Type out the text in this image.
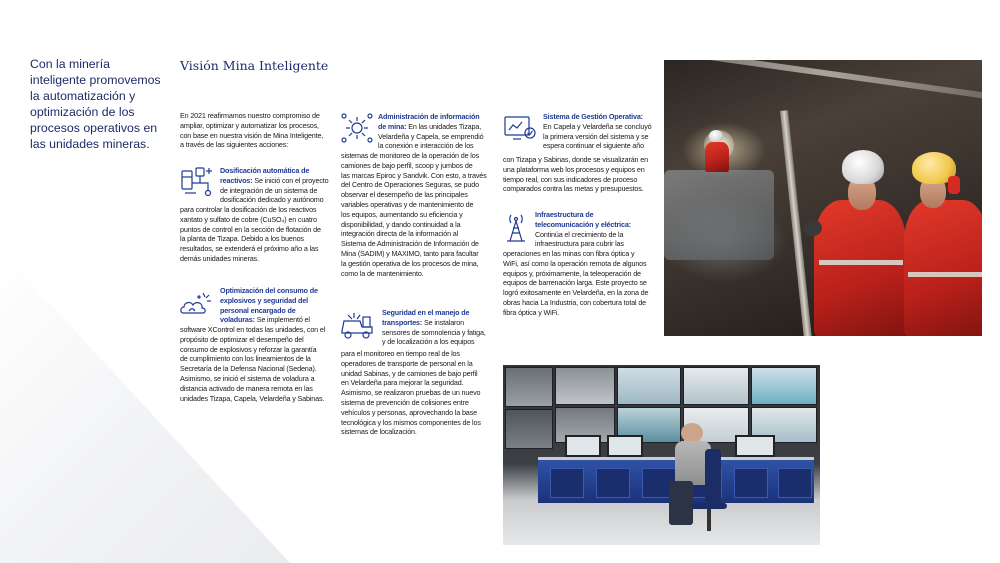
Con la minería
inteligente promovemos
la automatización y
optimización de los
procesos operativos en
las unidades mineras.
Visión Mina Inteligente
En 2021 reafirmamos nuestro compromiso de
ampliar, optimizar y automatizar los procesos,
con base en nuestra visión de Mina Inteligente,
a través de las siguientes acciones:
Dosificación automática de
reactivos: Se inició con el proyecto
de integración de un sistema de
dosificación dedicado y autónomo
para controlar la dosificación de los reactivos
xantato y sulfato de cobre (CuSO₄) en cuatro
puntos de control en la sección de flotación de
la planta de Tizapa. Debido a los buenos
resultados, se extenderá el próximo año a las
demás unidades mineras.
Optimización del consumo de
explosivos y seguridad del
personal encargado de
voladuras: Se implementó el
software XControl en todas las unidades, con el
propósito de optimizar el desempeño del
consumo de explosivos y reforzar la garantía
de cumplimiento con los lineamientos de la
Secretaría de la Defensa Nacional (Sedena).
Asimismo, se inició el sistema de voladura a
distancia activado de manera remota en las
unidades Tizapa, Capela, Velardeña y Sabinas.
Administración de información
de mina: En las unidades Tizapa,
Velardeña y Capela, se emprendió
la conexión e interacción de los
sistemas de monitoreo de la operación de los
camiones de bajo perfil, scoop y jumbos de
las marcas Epiroc y Sandvik. Con esto, a través
del Centro de Operaciones Seguras, se pudo
observar el desempeño de las principales
variables operativas y de mantenimiento de
los equipos, aumentando su eficiencia y
disponibilidad, y dando continuidad a la
integración directa de la información al
Sistema de Administración de Información de
Mina (SADIM) y MAXIMO, tanto para facultar
la gestión operativa de los procesos de mina,
como la de mantenimiento.
Seguridad en el manejo de
transportes: Se instalaron
sensores de somnolencia y fatiga,
y de localización a los equipos
para el monitoreo en tiempo real de los
operadores de transporte de personal en la
unidad Sabinas, y de camiones de bajo perfil
en Velardeña para mejorar la seguridad.
Asimismo, se realizaron pruebas de un nuevo
sistema de prevención de colisiones entre
vehículos y personas, aprovechando la base
tecnológica y los mismos componentes de los
sistemas de localización.
Sistema de Gestión Operativa:
En Capela y Velardeña se concluyó
la primera versión del sistema y se
espera continuar el siguiente año
con Tizapa y Sabinas, donde se visualizarán en
una plataforma web los procesos y equipos en
tiempo real, con sus indicadores de proceso
comparados contra las metas y presupuestos.
Infraestructura de
telecomunicación y eléctrica:
Continúa el crecimiento de la
infraestructura para cubrir las
operaciones en las minas con fibra óptica y
WiFi, así como la operación remota de algunos
equipos y, próximamente, la teleoperación de
equipos de barrenación larga. Este proyecto se
logró exitosamente en Velardeña, en la zona de
obras hacia La Industria, con cobertura total de
fibra óptica y WiFi.
